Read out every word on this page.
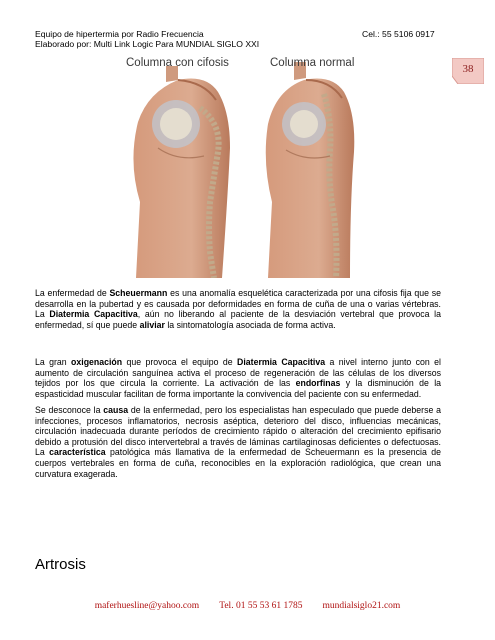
Equipo de hipertermia por Radio Frecuencia	Cel.: 55 5106 0917
Elaborado por: Multi Link Logic Para MUNDIAL SIGLO XXI
Columna con cifosis	Columna normal	38

La enfermedad de Scheuermann es una anomalía esquelética caracterizada por una cifosis fija que se desarrolla en la pubertad y es causada por deformidades en forma de cuña de una o varias vértebras. La Diatermia Capacitiva, aún no liberando al paciente de la desviación vertebral que provoca la enfermedad, sí que puede aliviar la sintomatología asociada de forma activa.

La gran oxigenación que provoca el equipo de Diatermia Capacitiva a nivel interno junto con el aumento de circulación sanguínea activa el proceso de regeneración de las células de los diversos tejidos por los que circula la corriente. La activación de las endorfinas y la disminución de la espasticidad muscular facilitan de forma importante la convivencia del paciente con su enfermedad.

Se desconoce la causa de la enfermedad, pero los especialistas han especulado que puede deberse a infecciones, procesos inflamatorios, necrosis aséptica, deterioro del disco, influencias mecánicas, circulación inadecuada durante períodos de crecimiento rápido o alteración del crecimiento epifisario debido a protusión del disco intervertebral a través de láminas cartilaginosas deficientes o defectuosas. La característica patológica más llamativa de la enfermedad de Scheuermann es la presencia de cuerpos vertebrales en forma de cuña, reconocibles en la exploración radiológica, que crean una curvatura exagerada.

Artrosis
maferhuesline@yahoo.com Tel. 01 55 53 61 1785 mundialsiglo21.com
